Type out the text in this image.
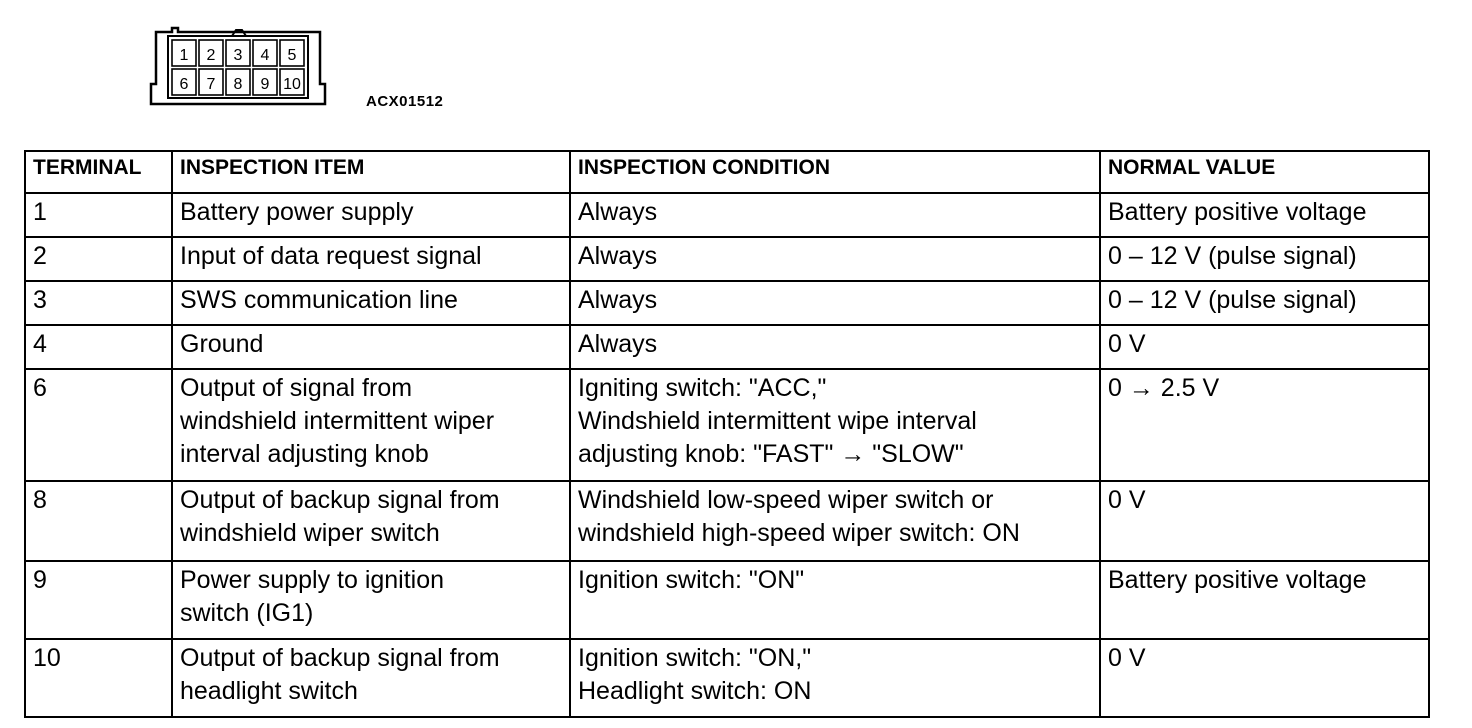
1 2 3 4 5
6 7 8 9 10
ACX01512
TERMINAL	INSPECTION ITEM	INSPECTION CONDITION	NORMAL VALUE
1	Battery power supply	Always	Battery positive voltage

2	Input of data request signal	Always	0 – 12 V (pulse signal)

3	SWS communication line	Always	0 – 12 V (pulse signal)

4	Ground	Always	0 V

6	Output of signal from
windshield intermittent wiper
interval adjusting knob	Igniting switch: "ACC,"
Windshield intermittent wipe interval
adjusting knob: "FAST" → "SLOW"	0 → 2.5 V

8	Output of backup signal from
windshield wiper switch	Windshield low-speed wiper switch or
windshield high-speed wiper switch: ON	0 V

9	Power supply to ignition
switch (IG1)	Ignition switch: "ON"	Battery positive voltage

10	Output of backup signal from
headlight switch	Ignition switch: "ON,"
Headlight switch: ON	0 V
